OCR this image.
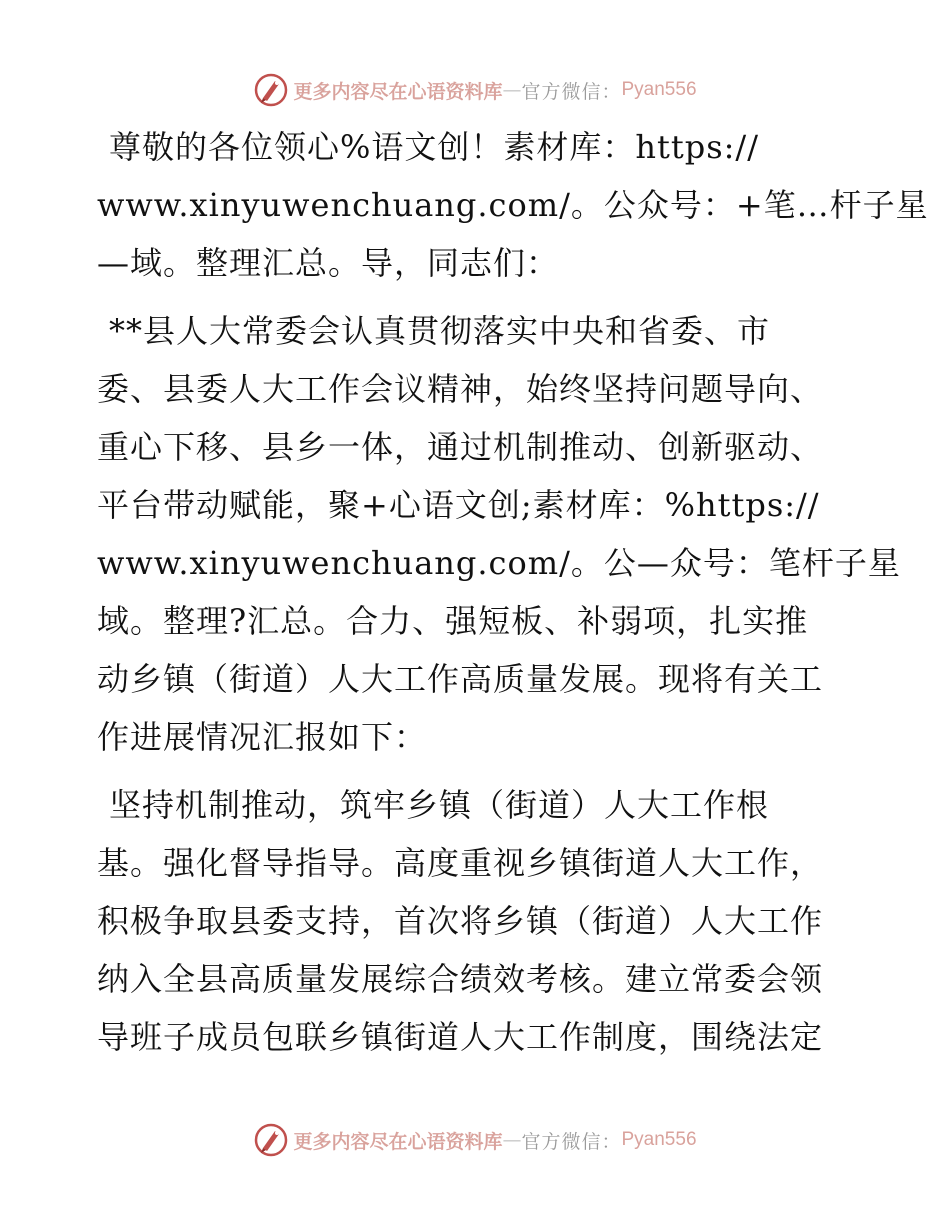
更多内容尽在心语资料库 — 官方微信： Pyan556
尊敬的各位领心%语文创！素材库：https://
www.xinyuwenchuang.com/。公众号：+笔…杆子星
—域。整理汇总。导，同志们：
**县人大常委会认真贯彻落实中央和省委、市
委、县委人大工作会议精神，始终坚持问题导向、
重心下移、县乡一体，通过机制推动、创新驱动、
平台带动赋能，聚+心语文创;素材库：%https://
www.xinyuwenchuang.com/。公—众号：笔杆子星
域。整理?汇总。合力、强短板、补弱项，扎实推
动乡镇（街道）人大工作高质量发展。现将有关工
作进展情况汇报如下：
坚持机制推动，筑牢乡镇（街道）人大工作根
基。强化督导指导。高度重视乡镇街道人大工作，
积极争取县委支持，首次将乡镇（街道）人大工作
纳入全县高质量发展综合绩效考核。建立常委会领
导班子成员包联乡镇街道人大工作制度，围绕法定
更多内容尽在心语资料库 — 官方微信： Pyan556
